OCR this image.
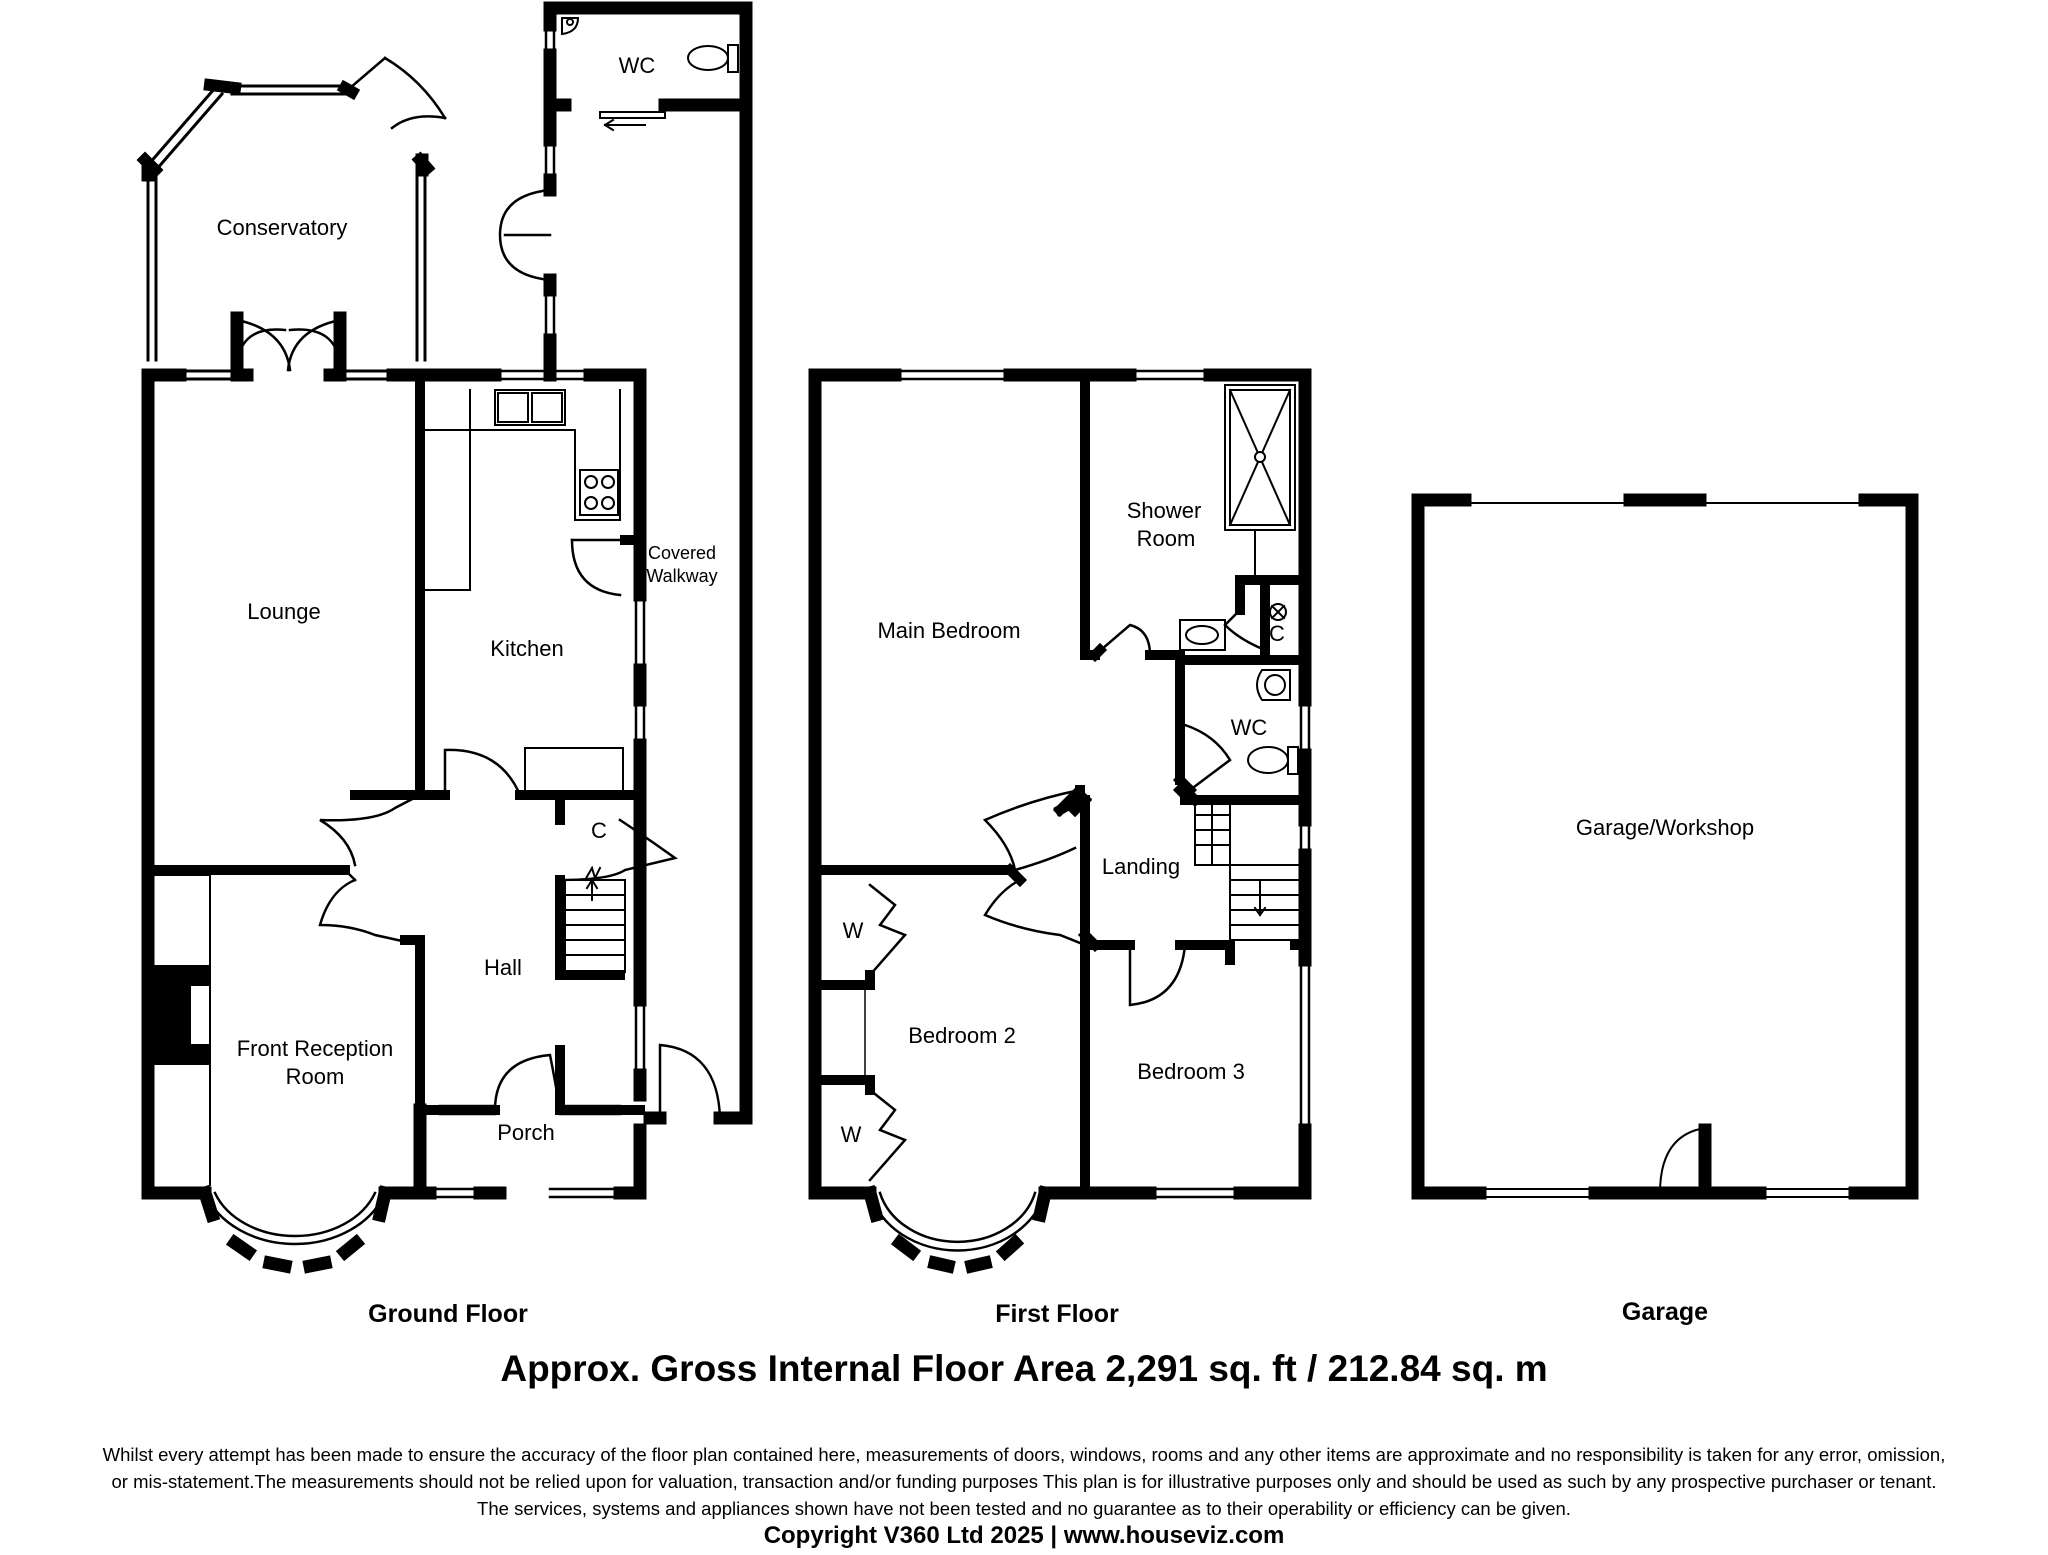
WC
Conservatory
Covered
Walkway
Lounge
Kitchen
C
Hall
Front Reception
Room
Porch
Main Bedroom
Shower
Room
C
WC
Landing
W
Bedroom 2
Bedroom 3
W
Garage/Workshop
Ground Floor	First Floor	Garage
Approx. Gross Internal Floor Area 2,291 sq. ft / 212.84 sq. m
Whilst every attempt has been made to ensure the accuracy of the floor plan contained here, measurements of doors, windows, rooms and any other items are approximate and no responsibility is taken for any error, omission,
or mis-statement.The measurements should not be relied upon for valuation, transaction and/or funding purposes This plan is for illustrative purposes only and should be used as such by any prospective purchaser or tenant.
The services, systems and appliances shown have not been tested and no guarantee as to their operability or efficiency can be given.
Copyright V360 Ltd 2025 | www.houseviz.com
